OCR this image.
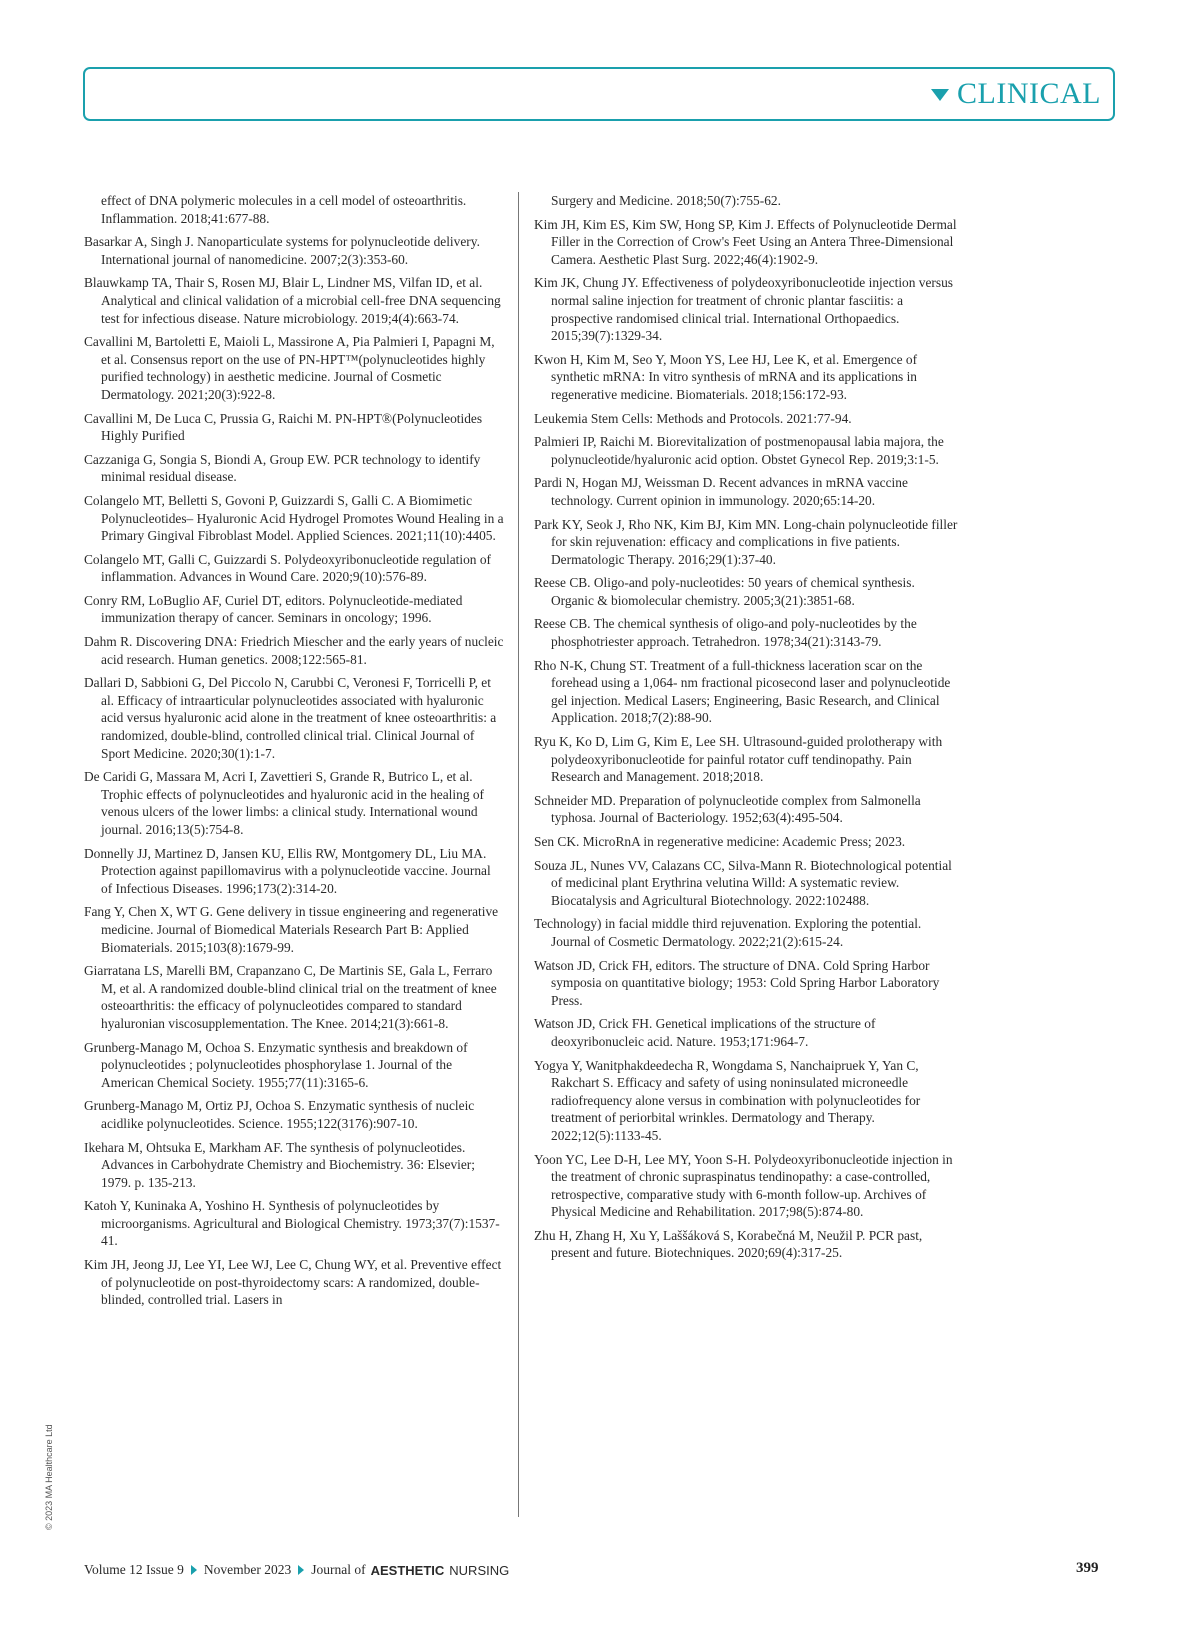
CLINICAL

effect of DNA polymeric molecules in a cell model of osteoarthritis. Inflammation. 2018;41:677-88.

Basarkar A, Singh J. Nanoparticulate systems for polynucleotide delivery. International journal of nanomedicine. 2007;2(3):353-60.

Blauwkamp TA, Thair S, Rosen MJ, Blair L, Lindner MS, Vilfan ID, et al. Analytical and clinical validation of a microbial cell-free DNA sequencing test for infectious disease. Nature microbiology. 2019;4(4):663-74.

Cavallini M, Bartoletti E, Maioli L, Massirone A, Pia Palmieri I, Papagni M, et al. Consensus report on the use of PN-HPT™(polynucleotides highly purified technology) in aesthetic medicine. Journal of Cosmetic Dermatology. 2021;20(3):922-8.

Cavallini M, De Luca C, Prussia G, Raichi M. PN-HPT®(Polynucleotides Highly Purified

Cazzaniga G, Songia S, Biondi A, Group EW. PCR technology to identify minimal residual disease.

Colangelo MT, Belletti S, Govoni P, Guizzardi S, Galli C. A Biomimetic Polynucleotides– Hyaluronic Acid Hydrogel Promotes Wound Healing in a Primary Gingival Fibroblast Model. Applied Sciences. 2021;11(10):4405.

Colangelo MT, Galli C, Guizzardi S. Polydeoxyribonucleotide regulation of inflammation. Advances in Wound Care. 2020;9(10):576-89.

Conry RM, LoBuglio AF, Curiel DT, editors. Polynucleotide-mediated immunization therapy of cancer. Seminars in oncology; 1996.

Dahm R. Discovering DNA: Friedrich Miescher and the early years of nucleic acid research. Human genetics. 2008;122:565-81.

Dallari D, Sabbioni G, Del Piccolo N, Carubbi C, Veronesi F, Torricelli P, et al. Efficacy of intraarticular polynucleotides associated with hyaluronic acid versus hyaluronic acid alone in the treatment of knee osteoarthritis: a randomized, double-blind, controlled clinical trial. Clinical Journal of Sport Medicine. 2020;30(1):1-7.

De Caridi G, Massara M, Acri I, Zavettieri S, Grande R, Butrico L, et al. Trophic effects of polynucleotides and hyaluronic acid in the healing of venous ulcers of the lower limbs: a clinical study. International wound journal. 2016;13(5):754-8.

Donnelly JJ, Martinez D, Jansen KU, Ellis RW, Montgomery DL, Liu MA. Protection against papillomavirus with a polynucleotide vaccine. Journal of Infectious Diseases. 1996;173(2):314-20.

Fang Y, Chen X, WT G. Gene delivery in tissue engineering and regenerative medicine. Journal of Biomedical Materials Research Part B: Applied Biomaterials. 2015;103(8):1679-99.

Giarratana LS, Marelli BM, Crapanzano C, De Martinis SE, Gala L, Ferraro M, et al. A randomized double-blind clinical trial on the treatment of knee osteoarthritis: the efficacy of polynucleotides compared to standard hyaluronian viscosupplementation. The Knee. 2014;21(3):661-8.

Grunberg-Manago M, Ochoa S. Enzymatic synthesis and breakdown of polynucleotides ; polynucleotides phosphorylase 1. Journal of the American Chemical Society. 1955;77(11):3165-6.

Grunberg-Manago M, Ortiz PJ, Ochoa S. Enzymatic synthesis of nucleic acidlike polynucleotides. Science. 1955;122(3176):907-10.

Ikehara M, Ohtsuka E, Markham AF. The synthesis of polynucleotides. Advances in Carbohydrate Chemistry and Biochemistry. 36: Elsevier; 1979. p. 135-213.

Katoh Y, Kuninaka A, Yoshino H. Synthesis of polynucleotides by microorganisms. Agricultural and Biological Chemistry. 1973;37(7):1537-41.

Kim JH, Jeong JJ, Lee YI, Lee WJ, Lee C, Chung WY, et al. Preventive effect of polynucleotide on post-thyroidectomy scars: A randomized, double-blinded, controlled trial. Lasers in

Surgery and Medicine. 2018;50(7):755-62.

Kim JH, Kim ES, Kim SW, Hong SP, Kim J. Effects of Polynucleotide Dermal Filler in the Correction of Crow's Feet Using an Antera Three-Dimensional Camera. Aesthetic Plast Surg. 2022;46(4):1902-9.

Kim JK, Chung JY. Effectiveness of polydeoxyribonucleotide injection versus normal saline injection for treatment of chronic plantar fasciitis: a prospective randomised clinical trial. International Orthopaedics. 2015;39(7):1329-34.

Kwon H, Kim M, Seo Y, Moon YS, Lee HJ, Lee K, et al. Emergence of synthetic mRNA: In vitro synthesis of mRNA and its applications in regenerative medicine. Biomaterials. 2018;156:172-93.

Leukemia Stem Cells: Methods and Protocols. 2021:77-94.

Palmieri IP, Raichi M. Biorevitalization of postmenopausal labia majora, the polynucleotide/hyaluronic acid option. Obstet Gynecol Rep. 2019;3:1-5.

Pardi N, Hogan MJ, Weissman D. Recent advances in mRNA vaccine technology. Current opinion in immunology. 2020;65:14-20.

Park KY, Seok J, Rho NK, Kim BJ, Kim MN. Long-chain polynucleotide filler for skin rejuvenation: efficacy and complications in five patients. Dermatologic Therapy. 2016;29(1):37-40.

Reese CB. Oligo-and poly-nucleotides: 50 years of chemical synthesis. Organic & biomolecular chemistry. 2005;3(21):3851-68.

Reese CB. The chemical synthesis of oligo-and poly-nucleotides by the phosphotriester approach. Tetrahedron. 1978;34(21):3143-79.

Rho N-K, Chung ST. Treatment of a full-thickness laceration scar on the forehead using a 1,064- nm fractional picosecond laser and polynucleotide gel injection. Medical Lasers; Engineering, Basic Research, and Clinical Application. 2018;7(2):88-90.

Ryu K, Ko D, Lim G, Kim E, Lee SH. Ultrasound-guided prolotherapy with polydeoxyribonucleotide for painful rotator cuff tendinopathy. Pain Research and Management. 2018;2018.

Schneider MD. Preparation of polynucleotide complex from Salmonella typhosa. Journal of Bacteriology. 1952;63(4):495-504.

Sen CK. MicroRnA in regenerative medicine: Academic Press; 2023.

Souza JL, Nunes VV, Calazans CC, Silva-Mann R. Biotechnological potential of medicinal plant Erythrina velutina Willd: A systematic review. Biocatalysis and Agricultural Biotechnology. 2022:102488.

Technology) in facial middle third rejuvenation. Exploring the potential. Journal of Cosmetic Dermatology. 2022;21(2):615-24.

Watson JD, Crick FH, editors. The structure of DNA. Cold Spring Harbor symposia on quantitative biology; 1953: Cold Spring Harbor Laboratory Press.

Watson JD, Crick FH. Genetical implications of the structure of deoxyribonucleic acid. Nature. 1953;171:964-7.

Yogya Y, Wanitphakdeedecha R, Wongdama S, Nanchaipruek Y, Yan C, Rakchart S. Efficacy and safety of using noninsulated microneedle radiofrequency alone versus in combination with polynucleotides for treatment of periorbital wrinkles. Dermatology and Therapy. 2022;12(5):1133-45.

Yoon YC, Lee D-H, Lee MY, Yoon S-H. Polydeoxyribonucleotide injection in the treatment of chronic supraspinatus tendinopathy: a case-controlled, retrospective, comparative study with 6-month follow-up. Archives of Physical Medicine and Rehabilitation. 2017;98(5):874-80.

Zhu H, Zhang H, Xu Y, Laššáková S, Korabečná M, Neužil P. PCR past, present and future. Biotechniques. 2020;69(4):317-25.

© 2023 MA Healthcare Ltd
Volume 12 Issue 9 November 2023 Journal of AESTHETIC NURSING	399
